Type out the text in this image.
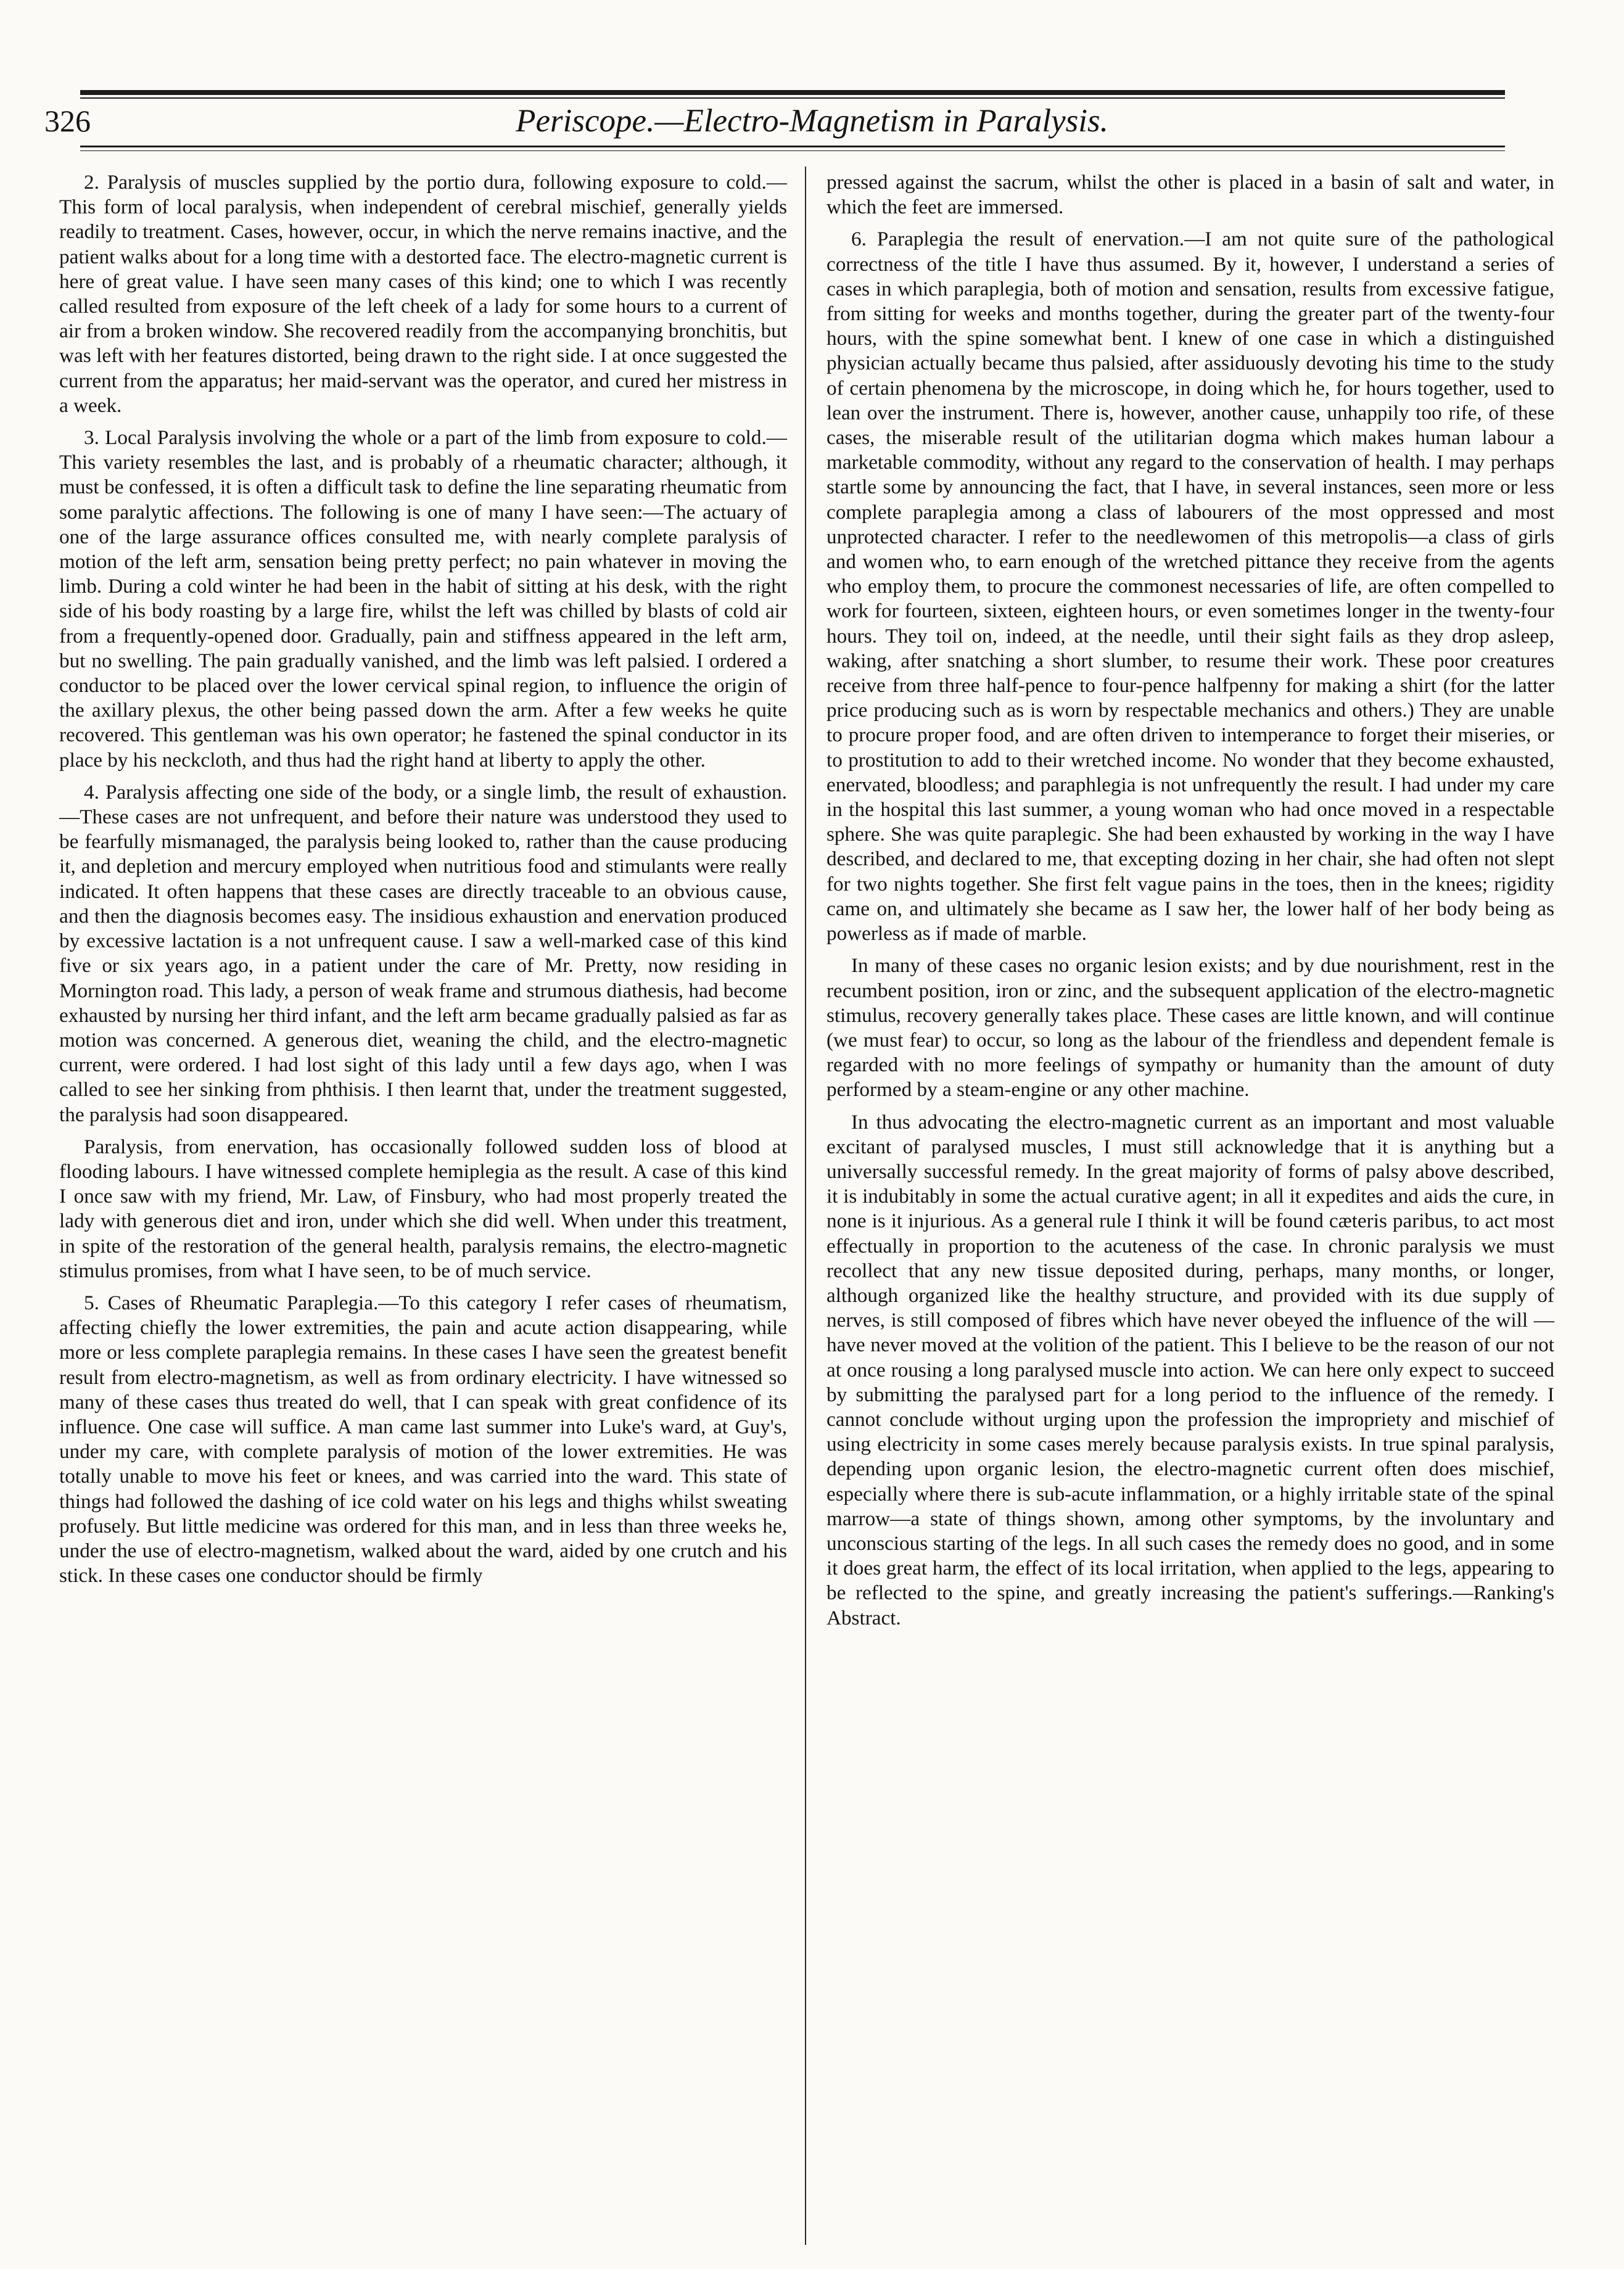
326	Periscope.—Electro-Magnetism in Paralysis.

2. Paralysis of muscles supplied by the portio dura, following exposure to cold.—This form of local paralysis, when independent of cerebral mischief, generally yields readily to treatment. Cases, however, occur, in which the nerve remains inactive, and the patient walks about for a long time with a destorted face. The electro-magnetic current is here of great value. I have seen many cases of this kind; one to which I was recently called resulted from exposure of the left cheek of a lady for some hours to a current of air from a broken window. She recovered readily from the accompanying bronchitis, but was left with her features distorted, being drawn to the right side. I at once suggested the current from the apparatus; her maid-servant was the operator, and cured her mistress in a week.

3. Local Paralysis involving the whole or a part of the limb from exposure to cold.—This variety resembles the last, and is probably of a rheumatic character; although, it must be confessed, it is often a difficult task to define the line separating rheumatic from some paralytic affections. The following is one of many I have seen:—The actuary of one of the large assurance offices consulted me, with nearly complete paralysis of motion of the left arm, sensation being pretty perfect; no pain whatever in moving the limb. During a cold winter he had been in the habit of sitting at his desk, with the right side of his body roasting by a large fire, whilst the left was chilled by blasts of cold air from a frequently-opened door. Gradually, pain and stiffness appeared in the left arm, but no swelling. The pain gradually vanished, and the limb was left palsied. I ordered a conductor to be placed over the lower cervical spinal region, to influence the origin of the axillary plexus, the other being passed down the arm. After a few weeks he quite recovered. This gentleman was his own operator; he fastened the spinal conductor in its place by his neckcloth, and thus had the right hand at liberty to apply the other.

4. Paralysis affecting one side of the body, or a single limb, the result of exhaustion.—These cases are not unfrequent, and before their nature was understood they used to be fearfully mismanaged, the paralysis being looked to, rather than the cause producing it, and depletion and mercury employed when nutritious food and stimulants were really indicated. It often happens that these cases are directly traceable to an obvious cause, and then the diagnosis becomes easy. The insidious exhaustion and enervation produced by excessive lactation is a not unfrequent cause. I saw a well-marked case of this kind five or six years ago, in a patient under the care of Mr. Pretty, now residing in Mornington road. This lady, a person of weak frame and strumous diathesis, had become exhausted by nursing her third infant, and the left arm became gradually palsied as far as motion was concerned. A generous diet, weaning the child, and the electro-magnetic current, were ordered. I had lost sight of this lady until a few days ago, when I was called to see her sinking from phthisis. I then learnt that, under the treatment suggested, the paralysis had soon disappeared.

Paralysis, from enervation, has occasionally followed sudden loss of blood at flooding labours. I have witnessed complete hemiplegia as the result. A case of this kind I once saw with my friend, Mr. Law, of Finsbury, who had most properly treated the lady with generous diet and iron, under which she did well. When under this treatment, in spite of the restoration of the general health, paralysis remains, the electro-magnetic stimulus promises, from what I have seen, to be of much service.

5. Cases of Rheumatic Paraplegia.—To this category I refer cases of rheumatism, affecting chiefly the lower extremities, the pain and acute action disappearing, while more or less complete paraplegia remains. In these cases I have seen the greatest benefit result from electro-magnetism, as well as from ordinary electricity. I have witnessed so many of these cases thus treated do well, that I can speak with great confidence of its influence. One case will suffice. A man came last summer into Luke's ward, at Guy's, under my care, with complete paralysis of motion of the lower extremities. He was totally unable to move his feet or knees, and was carried into the ward. This state of things had followed the dashing of ice cold water on his legs and thighs whilst sweating profusely. But little medicine was ordered for this man, and in less than three weeks he, under the use of electro-magnetism, walked about the ward, aided by one crutch and his stick. In these cases one conductor should be firmly

pressed against the sacrum, whilst the other is placed in a basin of salt and water, in which the feet are immersed.

6. Paraplegia the result of enervation.—I am not quite sure of the pathological correctness of the title I have thus assumed. By it, however, I understand a series of cases in which paraplegia, both of motion and sensation, results from excessive fatigue, from sitting for weeks and months together, during the greater part of the twenty-four hours, with the spine somewhat bent. I knew of one case in which a distinguished physician actually became thus palsied, after assiduously devoting his time to the study of certain phenomena by the microscope, in doing which he, for hours together, used to lean over the instrument. There is, however, another cause, unhappily too rife, of these cases, the miserable result of the utilitarian dogma which makes human labour a marketable commodity, without any regard to the conservation of health. I may perhaps startle some by announcing the fact, that I have, in several instances, seen more or less complete paraplegia among a class of labourers of the most oppressed and most unprotected character. I refer to the needlewomen of this metropolis—a class of girls and women who, to earn enough of the wretched pittance they receive from the agents who employ them, to procure the commonest necessaries of life, are often compelled to work for fourteen, sixteen, eighteen hours, or even sometimes longer in the twenty-four hours. They toil on, indeed, at the needle, until their sight fails as they drop asleep, waking, after snatching a short slumber, to resume their work. These poor creatures receive from three half-pence to four-pence halfpenny for making a shirt (for the latter price producing such as is worn by respectable mechanics and others.) They are unable to procure proper food, and are often driven to intemperance to forget their miseries, or to prostitution to add to their wretched income. No wonder that they become exhausted, enervated, bloodless; and paraphlegia is not unfrequently the result. I had under my care in the hospital this last summer, a young woman who had once moved in a respectable sphere. She was quite paraplegic. She had been exhausted by working in the way I have described, and declared to me, that excepting dozing in her chair, she had often not slept for two nights together. She first felt vague pains in the toes, then in the knees; rigidity came on, and ultimately she became as I saw her, the lower half of her body being as powerless as if made of marble.

In many of these cases no organic lesion exists; and by due nourishment, rest in the recumbent position, iron or zinc, and the subsequent application of the electro-magnetic stimulus, recovery generally takes place. These cases are little known, and will continue (we must fear) to occur, so long as the labour of the friendless and dependent female is regarded with no more feelings of sympathy or humanity than the amount of duty performed by a steam-engine or any other machine.

In thus advocating the electro-magnetic current as an important and most valuable excitant of paralysed muscles, I must still acknowledge that it is anything but a universally successful remedy. In the great majority of forms of palsy above described, it is indubitably in some the actual curative agent; in all it expedites and aids the cure, in none is it injurious. As a general rule I think it will be found cæteris paribus, to act most effectually in proportion to the acuteness of the case. In chronic paralysis we must recollect that any new tissue deposited during, perhaps, many months, or longer, although organized like the healthy structure, and provided with its due supply of nerves, is still composed of fibres which have never obeyed the influence of the will —have never moved at the volition of the patient. This I believe to be the reason of our not at once rousing a long paralysed muscle into action. We can here only expect to succeed by submitting the paralysed part for a long period to the influence of the remedy. I cannot conclude without urging upon the profession the impropriety and mischief of using electricity in some cases merely because paralysis exists. In true spinal paralysis, depending upon organic lesion, the electro-magnetic current often does mischief, especially where there is sub-acute inflammation, or a highly irritable state of the spinal marrow—a state of things shown, among other symptoms, by the involuntary and unconscious starting of the legs. In all such cases the remedy does no good, and in some it does great harm, the effect of its local irritation, when applied to the legs, appearing to be reflected to the spine, and greatly increasing the patient's sufferings.—Ranking's Abstract.
